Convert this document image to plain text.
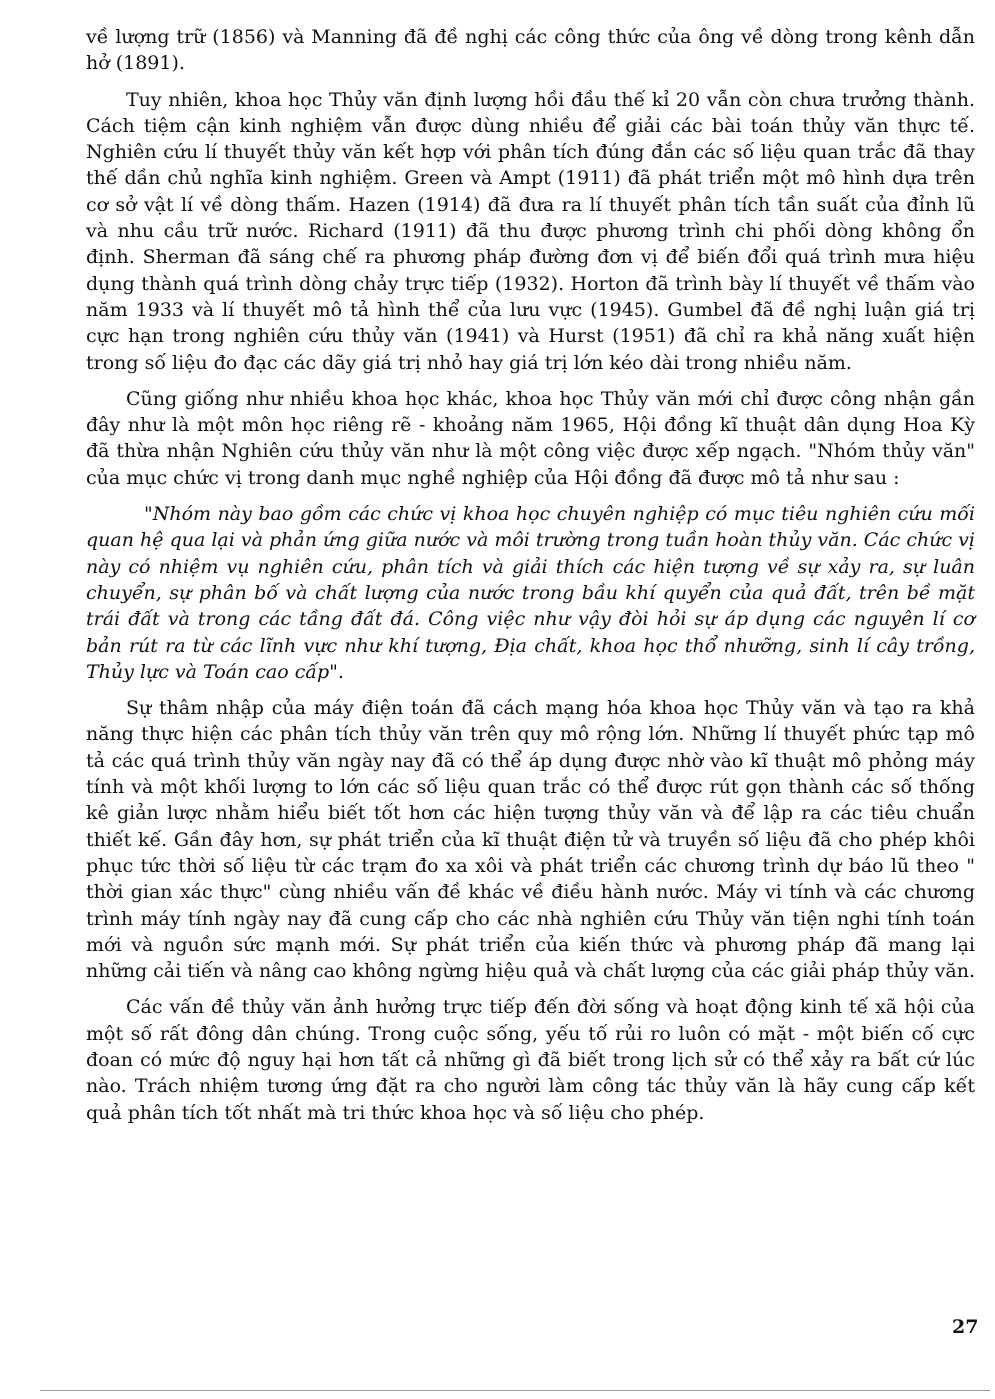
về lượng trữ (1856) và Manning đã đề nghị các công thức của ông về dòng trong kênh dẫn hở (1891).

Tuy nhiên, khoa học Thủy văn định lượng hồi đầu thế kỉ 20 vẫn còn chưa trưởng thành. Cách tiệm cận kinh nghiệm vẫn được dùng nhiều để giải các bài toán thủy văn thực tế. Nghiên cứu lí thuyết thủy văn kết hợp với phân tích đúng đắn các số liệu quan trắc đã thay thế dần chủ nghĩa kinh nghiệm. Green và Ampt (1911) đã phát triển một mô hình dựa trên cơ sở vật lí về dòng thấm. Hazen (1914) đã đưa ra lí thuyết phân tích tần suất của đỉnh lũ và nhu cầu trữ nước. Richard (1911) đã thu được phương trình chi phối dòng không ổn định. Sherman đã sáng chế ra phương pháp đường đơn vị để biến đổi quá trình mưa hiệu dụng thành quá trình dòng chảy trực tiếp (1932). Horton đã trình bày lí thuyết về thấm vào năm 1933 và lí thuyết mô tả hình thể của lưu vực (1945). Gumbel đã đề nghị luận giá trị cực hạn trong nghiên cứu thủy văn (1941) và Hurst (1951) đã chỉ ra khả năng xuất hiện trong số liệu đo đạc các dãy giá trị nhỏ hay giá trị lớn kéo dài trong nhiều năm.

Cũng giống như nhiều khoa học khác, khoa học Thủy văn mới chỉ được công nhận gần đây như là một môn học riêng rẽ - khoảng năm 1965, Hội đồng kĩ thuật dân dụng Hoa Kỳ đã thừa nhận Nghiên cứu thủy văn như là một công việc được xếp ngạch. "Nhóm thủy văn" của mục chức vị trong danh mục nghề nghiệp của Hội đồng đã được mô tả như sau :

"Nhóm này bao gồm các chức vị khoa học chuyên nghiệp có mục tiêu nghiên cứu mối quan hệ qua lại và phản ứng giữa nước và môi trường trong tuần hoàn thủy văn. Các chức vị này có nhiệm vụ nghiên cứu, phân tích và giải thích các hiện tượng về sự xảy ra, sự luân chuyển, sự phân bố và chất lượng của nước trong bầu khí quyển của quả đất, trên bề mặt trái đất và trong các tầng đất đá. Công việc như vậy đòi hỏi sự áp dụng các nguyên lí cơ bản rút ra từ các lĩnh vực như khí tượng, Địa chất, khoa học thổ nhưỡng, sinh lí cây trồng, Thủy lực và Toán cao cấp".

Sự thâm nhập của máy điện toán đã cách mạng hóa khoa học Thủy văn và tạo ra khả năng thực hiện các phân tích thủy văn trên quy mô rộng lớn. Những lí thuyết phức tạp mô tả các quá trình thủy văn ngày nay đã có thể áp dụng được nhờ vào kĩ thuật mô phỏng máy tính và một khối lượng to lớn các số liệu quan trắc có thể được rút gọn thành các số thống kê giản lược nhằm hiểu biết tốt hơn các hiện tượng thủy văn và để lập ra các tiêu chuẩn thiết kế. Gần đây hơn, sự phát triển của kĩ thuật điện tử và truyền số liệu đã cho phép khôi phục tức thời số liệu từ các trạm đo xa xôi và phát triển các chương trình dự báo lũ theo " thời gian xác thực" cùng nhiều vấn đề khác về điều hành nước. Máy vi tính và các chương trình máy tính ngày nay đã cung cấp cho các nhà nghiên cứu Thủy văn tiện nghi tính toán mới và nguồn sức mạnh mới. Sự phát triển của kiến thức và phương pháp đã mang lại những cải tiến và nâng cao không ngừng hiệu quả và chất lượng của các giải pháp thủy văn.

Các vấn đề thủy văn ảnh hưởng trực tiếp đến đời sống và hoạt động kinh tế xã hội của một số rất đông dân chúng. Trong cuộc sống, yếu tố rủi ro luôn có mặt - một biến cố cực đoan có mức độ nguy hại hơn tất cả những gì đã biết trong lịch sử có thể xảy ra bất cứ lúc nào. Trách nhiệm tương ứng đặt ra cho người làm công tác thủy văn là hãy cung cấp kết quả phân tích tốt nhất mà tri thức khoa học và số liệu cho phép.

27
